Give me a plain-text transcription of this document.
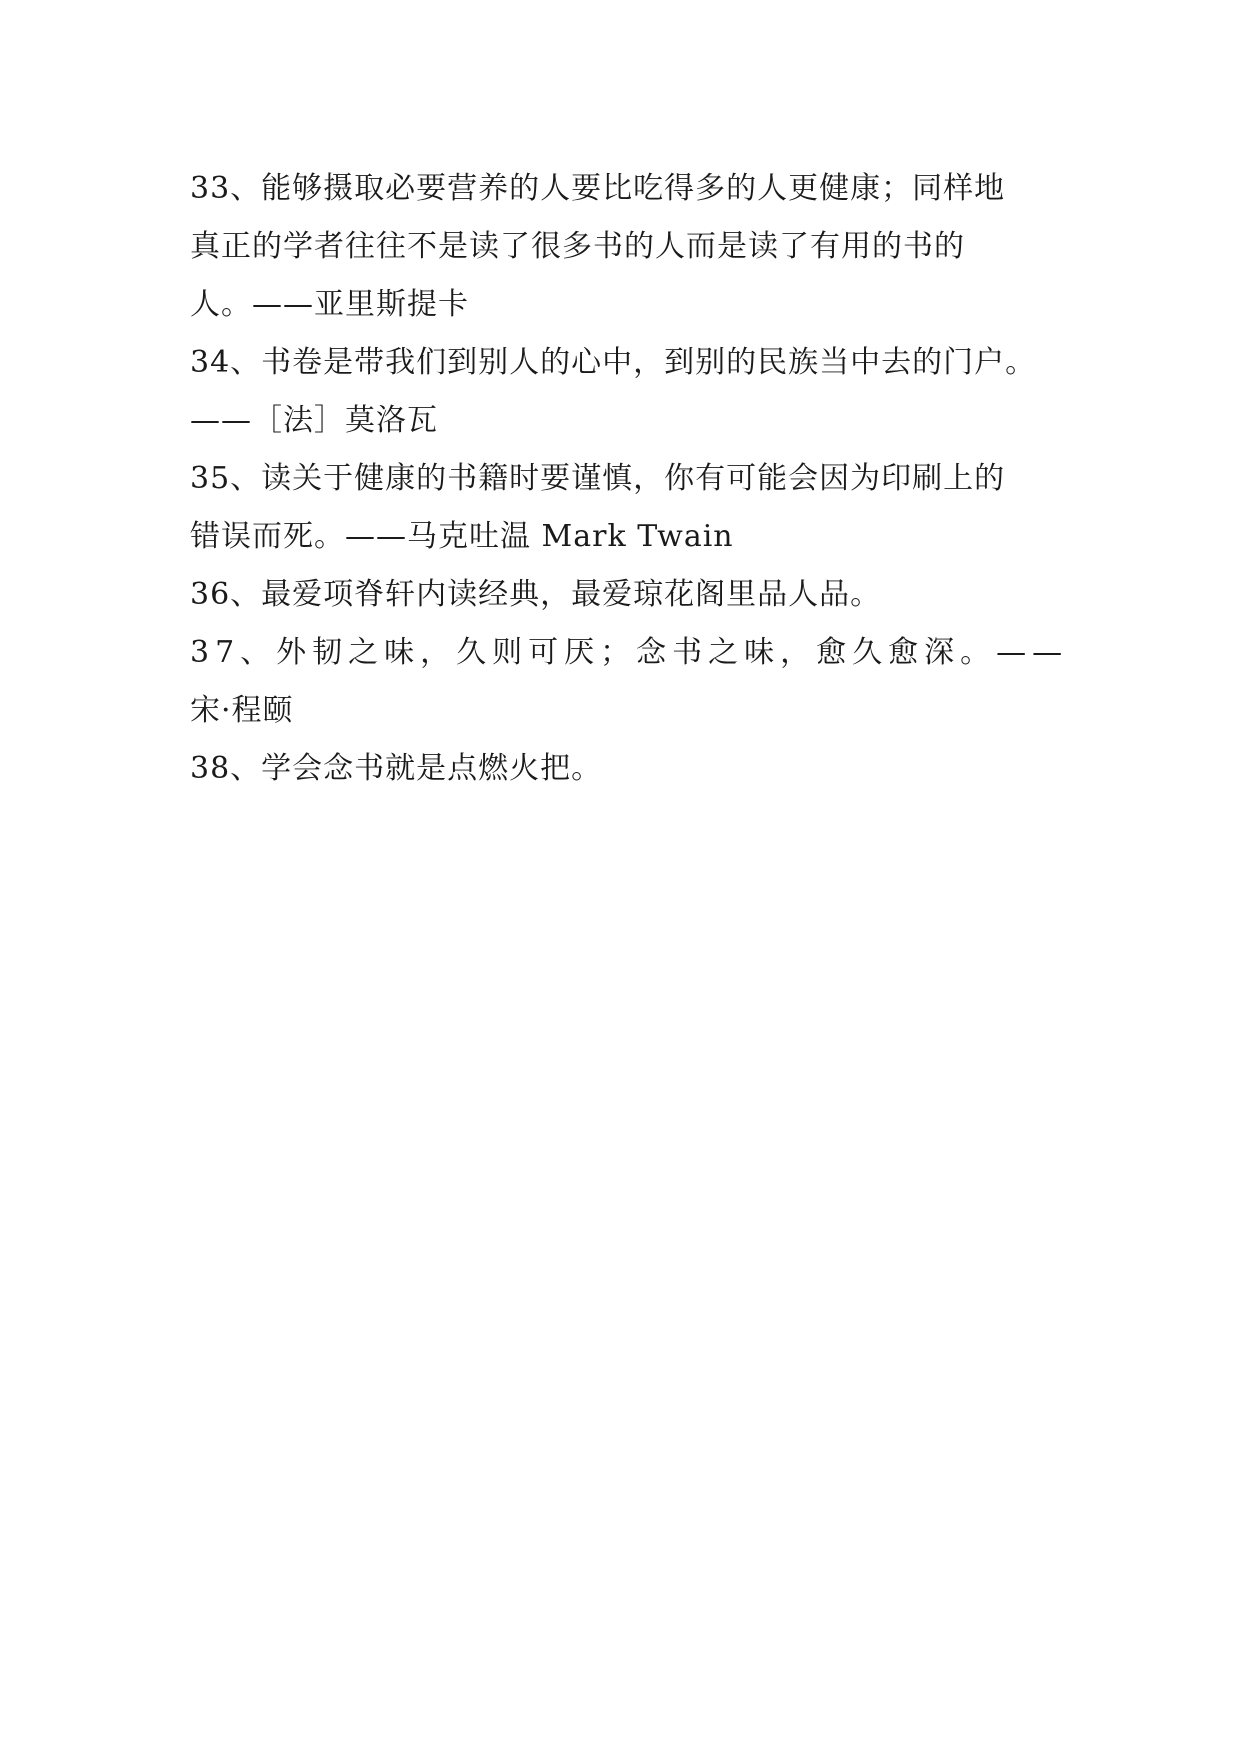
33、能够摄取必要营养的人要比吃得多的人更健康；同样地
真正的学者往往不是读了很多书的人而是读了有用的书的
人。——亚里斯提卡
34、书卷是带我们到别人的心中，到别的民族当中去的门户。
——［法］莫洛瓦
35、读关于健康的书籍时要谨慎，你有可能会因为印刷上的
错误而死。——马克吐温 Mark Twain
36、最爱项脊轩内读经典，最爱琼花阁里品人品。
37、外韧之味，久则可厌；念书之味，愈久愈深。——
宋·程颐
38、学会念书就是点燃火把。
